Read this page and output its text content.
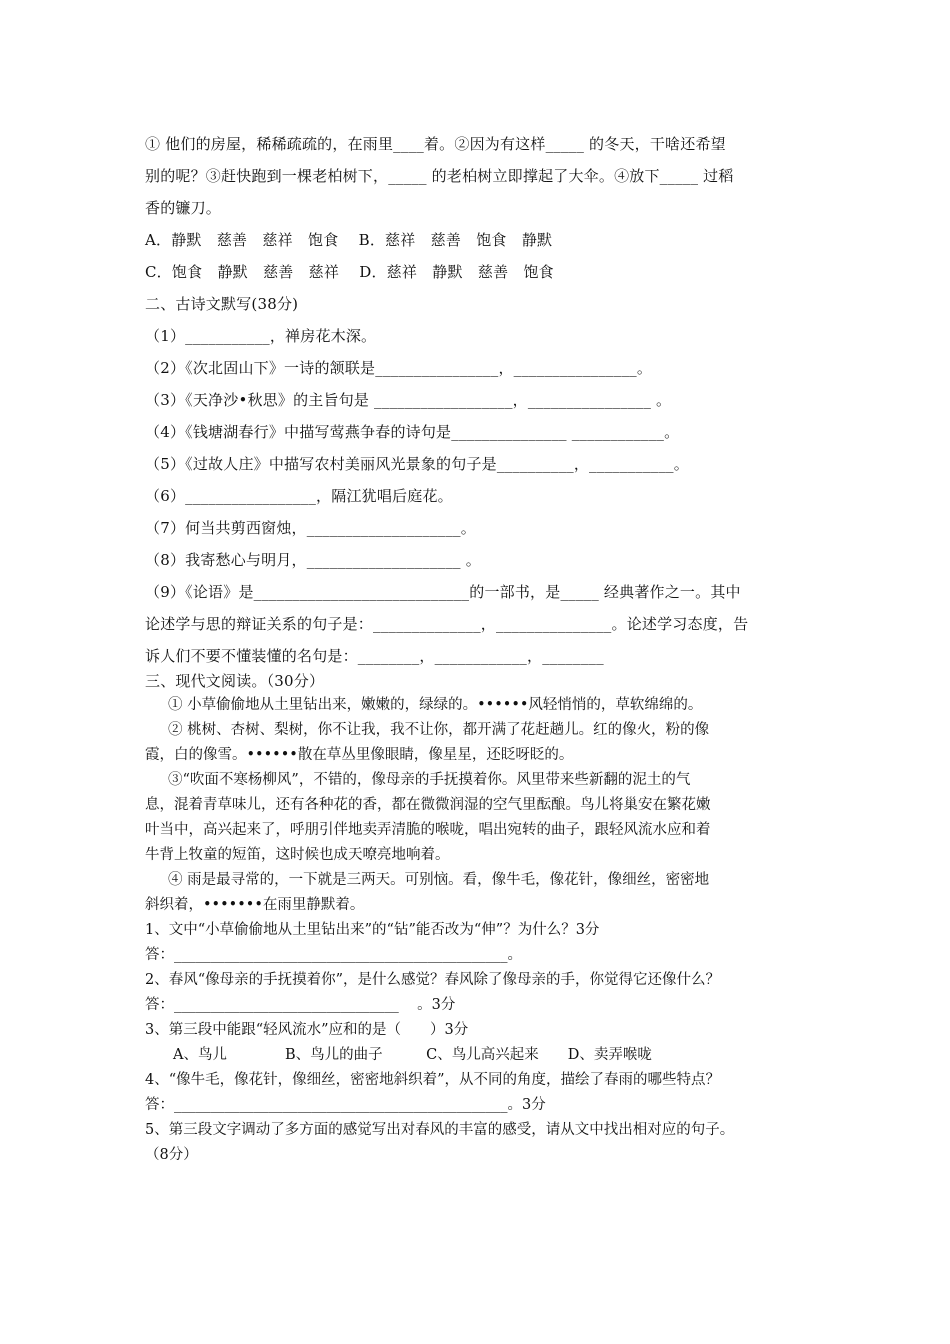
① 他们的房屋，稀稀疏疏的，在雨里____着。②因为有这样_____ 的冬天，干啥还希望
别的呢？③赶快跑到一棵老柏树下，_____ 的老柏树立即撑起了大伞。④放下_____ 过稻
香的镰刀。
A．静默　慈善　慈祥　饱食　 B．慈祥　慈善　饱食　静默
C．饱食　静默　慈善　慈祥　 D．慈祥　静默　慈善　饱食
二、古诗文默写(38分)
（1）___________，禅房花木深。
（2）《次北固山下》一诗的颔联是________________，________________。
（3）《天净沙•秋思》的主旨句是 __________________，________________ 。
（4）《钱塘湖春行》中描写莺燕争春的诗句是_______________ ____________。
（5）《过故人庄》中描写农村美丽风光景象的句子是__________，___________。
（6）_________________，隔江犹唱后庭花。
（7）何当共剪西窗烛，____________________。
（8）我寄愁心与明月，____________________ 。
（9）《论语》是____________________________的一部书，是_____ 经典著作之一。其中
论述学与思的辩证关系的句子是：______________，_______________。论述学习态度，告
诉人们不要不懂装懂的名句是：________，____________，________
三、现代文阅读。（30分）
① 小草偷偷地从土里钻出来，嫩嫩的，绿绿的。••••••风轻悄悄的，草软绵绵的。
② 桃树、杏树、梨树，你不让我，我不让你，都开满了花赶趟儿。红的像火，粉的像
霞，白的像雪。••••••散在草丛里像眼睛，像星星，还眨呀眨的。
③“吹面不寒杨柳风”，不错的，像母亲的手抚摸着你。风里带来些新翻的泥土的气
息，混着青草味儿，还有各种花的香，都在微微润湿的空气里酝酿。鸟儿将巢安在繁花嫩
叶当中，高兴起来了，呼朋引伴地卖弄清脆的喉咙，唱出宛转的曲子，跟轻风流水应和着
牛背上牧童的短笛，这时候也成天嘹亮地响着。
④ 雨是最寻常的，一下就是三两天。可别恼。看，像牛毛，像花针，像细丝，密密地
斜织着，•••••••在雨里静默着。
1、文中“小草偷偷地从土里钻出来”的“钻”能否改为“伸”？为什么？3分
答：______________________________________________。
2、春风“像母亲的手抚摸着你”，是什么感觉？春风除了像母亲的手，你觉得它还像什么？
答：_______________________________    。3分
3、第三段中能跟“轻风流水”应和的是（　　）3分
A、鸟儿　　　　B、鸟儿的曲子　　　C、鸟儿高兴起来　　D、卖弄喉咙
4、“像牛毛，像花针，像细丝，密密地斜织着”，从不同的角度，描绘了春雨的哪些特点？
答：______________________________________________。3分
5、第三段文字调动了多方面的感觉写出对春风的丰富的感受，请从文中找出相对应的句子。
（8分）
